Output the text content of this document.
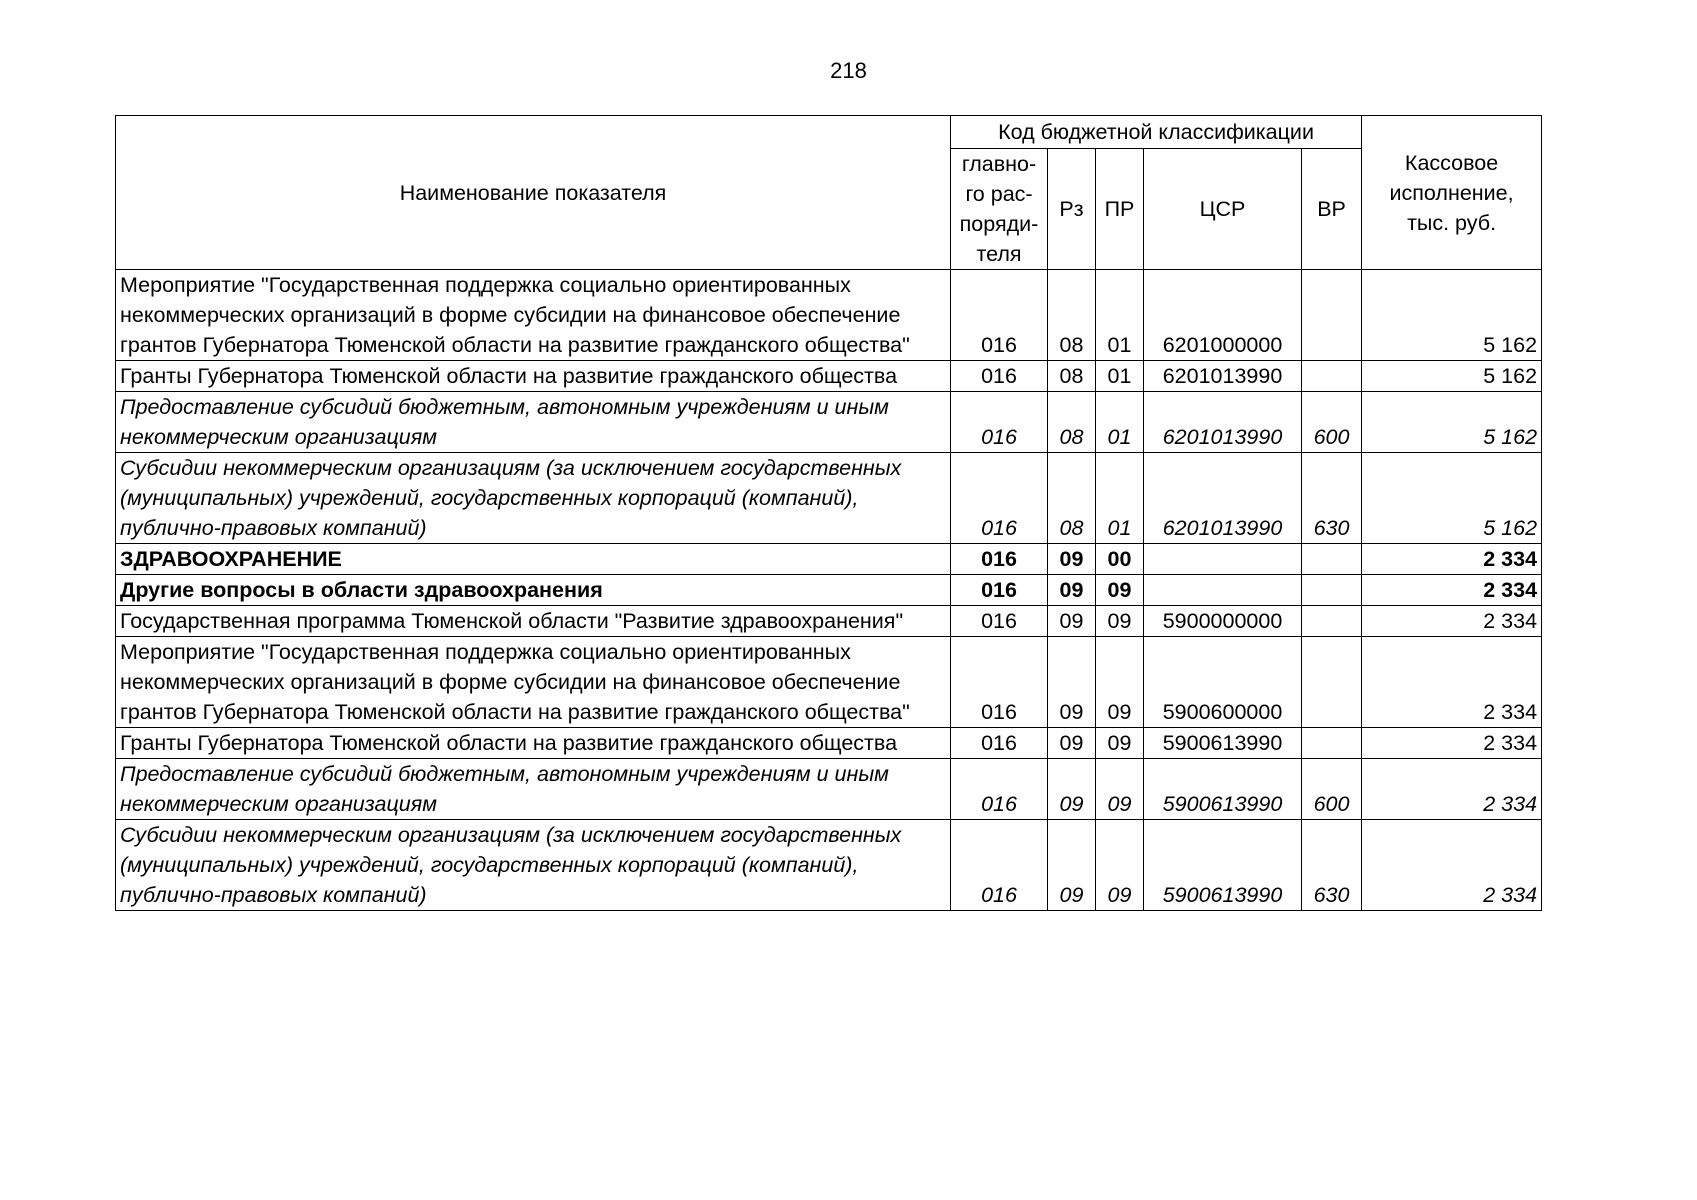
218
Наименование показателя	Код бюджетной классификации					Кассовое исполнение, тыс. руб.
	главно-го рас-поряди-теля	Рз	ПР	ЦСР	ВР	
Мероприятие "Государственная поддержка социально ориентированных некоммерческих организаций в форме субсидии на финансовое обеспечение грантов Губернатора Тюменской области на развитие гражданского общества"	016	08	01	6201000000		5 162
Гранты Губернатора Тюменской области на развитие гражданского общества	016	08	01	6201013990		5 162
Предоставление субсидий бюджетным, автономным учреждениям и иным некоммерческим организациям	016	08	01	6201013990	600	5 162
Субсидии некоммерческим организациям (за исключением государственных (муниципальных) учреждений, государственных корпораций (компаний), публично-правовых компаний)	016	08	01	6201013990	630	5 162
ЗДРАВООХРАНЕНИЕ	016	09	00			2 334
Другие вопросы в области здравоохранения	016	09	09			2 334
Государственная программа Тюменской области "Развитие здравоохранения"	016	09	09	5900000000		2 334
Мероприятие "Государственная поддержка социально ориентированных некоммерческих организаций в форме субсидии на финансовое обеспечение грантов Губернатора Тюменской области на развитие гражданского общества"	016	09	09	5900600000		2 334
Гранты Губернатора Тюменской области на развитие гражданского общества	016	09	09	5900613990		2 334
Предоставление субсидий бюджетным, автономным учреждениям и иным некоммерческим организациям	016	09	09	5900613990	600	2 334
Субсидии некоммерческим организациям (за исключением государственных (муниципальных) учреждений, государственных корпораций (компаний), публично-правовых компаний)	016	09	09	5900613990	630	2 334
